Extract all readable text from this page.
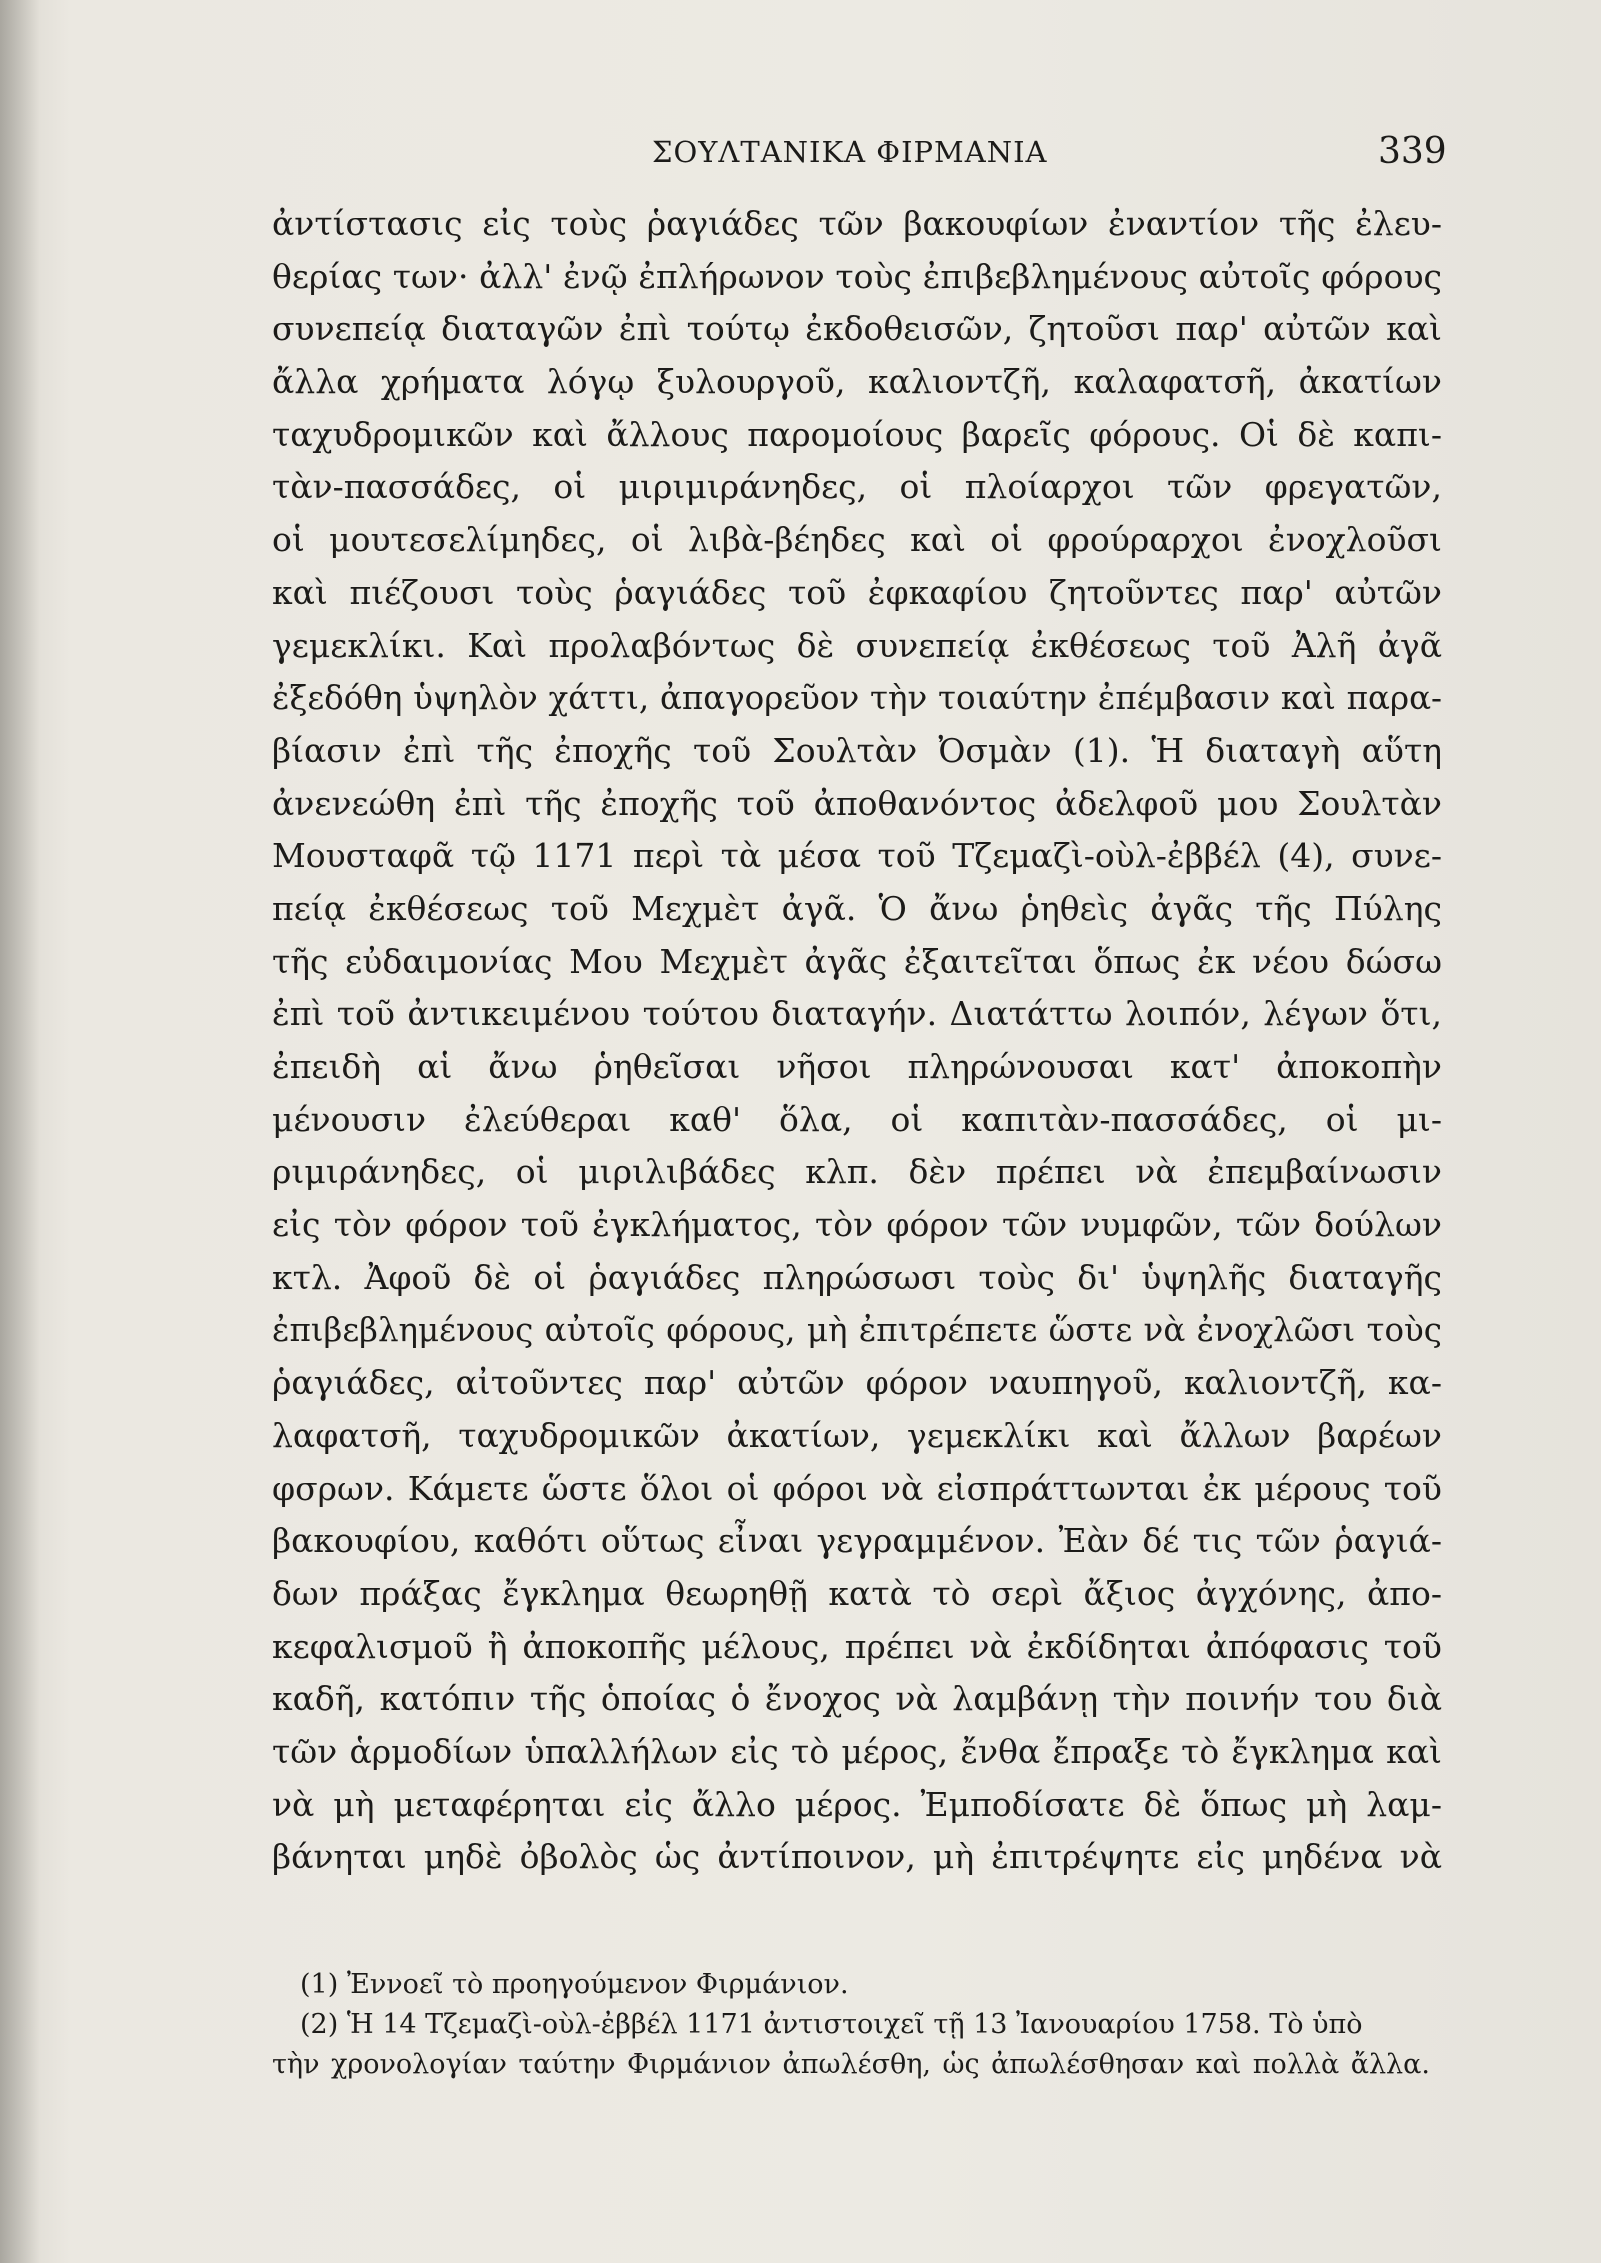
ΣΟΥΛΤΑΝΙΚΑ ΦΙΡΜΑΝΙΑ	339
ἀντίστασις εἰς τοὺς ῥαγιάδες τῶν βακουφίων ἐναντίον τῆς ἐλευ-
θερίας των· ἀλλ' ἐνῷ ἐπλήρωνον τοὺς ἐπιβεβλημένους αὐτοῖς φόρους
συνεπείᾳ διαταγῶν ἐπὶ τούτῳ ἐκδοθεισῶν, ζητοῦσι παρ' αὐτῶν καὶ
ἄλλα χρήματα λόγῳ ξυλουργοῦ, καλιοντζῆ, καλαφατσῆ, ἀκατίων
ταχυδρομικῶν καὶ ἄλλους παρομοίους βαρεῖς φόρους. Οἱ δὲ καπι-
τὰν-πασσάδες, οἱ μιριμιράνηδες, οἱ πλοίαρχοι τῶν φρεγατῶν,
οἱ μουτεσελίμηδες, οἱ λιβὰ-βέηδες καὶ οἱ φρούραρχοι ἐνοχλοῦσι
καὶ πιέζουσι τοὺς ῥαγιάδες τοῦ ἐφκαφίου ζητοῦντες παρ' αὐτῶν
γεμεκλίκι. Καὶ προλαβόντως δὲ συνεπείᾳ ἐκθέσεως τοῦ Ἀλῆ ἀγᾶ
ἐξεδόθη ὑψηλὸν χάττι, ἀπαγορεῦον τὴν τοιαύτην ἐπέμβασιν καὶ παρα-
βίασιν ἐπὶ τῆς ἐποχῆς τοῦ Σουλτὰν Ὀσμὰν (1). Ἡ διαταγὴ αὕτη
ἀνενεώθη ἐπὶ τῆς ἐποχῆς τοῦ ἀποθανόντος ἀδελφοῦ μου Σουλτὰν
Μουσταφᾶ τῷ 1171 περὶ τὰ μέσα τοῦ Τζεμαζὶ-οὺλ-ἐββέλ (4), συνε-
πείᾳ ἐκθέσεως τοῦ Μεχμὲτ ἀγᾶ. Ὁ ἄνω ῥηθεὶς ἀγᾶς τῆς Πύλης
τῆς εὐδαιμονίας Μου Μεχμὲτ ἀγᾶς ἐξαιτεῖται ὅπως ἐκ νέου δώσω
ἐπὶ τοῦ ἀντικειμένου τούτου διαταγήν. Διατάττω λοιπόν, λέγων ὅτι,
ἐπειδὴ αἱ ἄνω ῥηθεῖσαι νῆσοι πληρώνουσαι κατ' ἀποκοπὴν
μένουσιν ἐλεύθεραι καθ' ὅλα, οἱ καπιτὰν-πασσάδες, οἱ μι-
ριμιράνηδες, οἱ μιριλιβάδες κλπ. δὲν πρέπει νὰ ἐπεμβαίνωσιν
εἰς τὸν φόρον τοῦ ἐγκλήματος, τὸν φόρον τῶν νυμφῶν, τῶν δούλων
κτλ. Ἀφοῦ δὲ οἱ ῥαγιάδες πληρώσωσι τοὺς δι' ὑψηλῆς διαταγῆς
ἐπιβεβλημένους αὐτοῖς φόρους, μὴ ἐπιτρέπετε ὥστε νὰ ἐνοχλῶσι τοὺς
ῥαγιάδες, αἰτοῦντες παρ' αὐτῶν φόρον ναυπηγοῦ, καλιοντζῆ, κα-
λαφατσῆ, ταχυδρομικῶν ἀκατίων, γεμεκλίκι καὶ ἄλλων βαρέων
φσρων. Κάμετε ὥστε ὅλοι οἱ φόροι νὰ εἰσπράττωνται ἐκ μέρους τοῦ
βακουφίου, καθότι οὕτως εἶναι γεγραμμένον. Ἐὰν δέ τις τῶν ῥαγιά-
δων πράξας ἔγκλημα θεωρηθῇ κατὰ τὸ σερὶ ἄξιος ἀγχόνης, ἀπο-
κεφαλισμοῦ ἢ ἀποκοπῆς μέλους, πρέπει νὰ ἐκδίδηται ἀπόφασις τοῦ
καδῆ, κατόπιν τῆς ὁποίας ὁ ἔνοχος νὰ λαμβάνῃ τὴν ποινήν του διὰ
τῶν ἁρμοδίων ὑπαλλήλων εἰς τὸ μέρος, ἔνθα ἔπραξε τὸ ἔγκλημα καὶ
νὰ μὴ μεταφέρηται εἰς ἄλλο μέρος. Ἐμποδίσατε δὲ ὅπως μὴ λαμ-
βάνηται μηδὲ ὀβολὸς ὡς ἀντίποινον, μὴ ἐπιτρέψητε εἰς μηδένα νὰ
(1) Ἐννοεῖ τὸ προηγούμενον Φιρμάνιον.
(2) Ἡ 14 Τζεμαζὶ-οὺλ-ἐββέλ 1171 ἀντιστοιχεῖ τῇ 13 Ἰανουαρίου 1758. Τὸ ὑπὸ
τὴν χρονολογίαν ταύτην Φιρμάνιον ἀπωλέσθη, ὡς ἀπωλέσθησαν καὶ πολλὰ ἄλλα.
